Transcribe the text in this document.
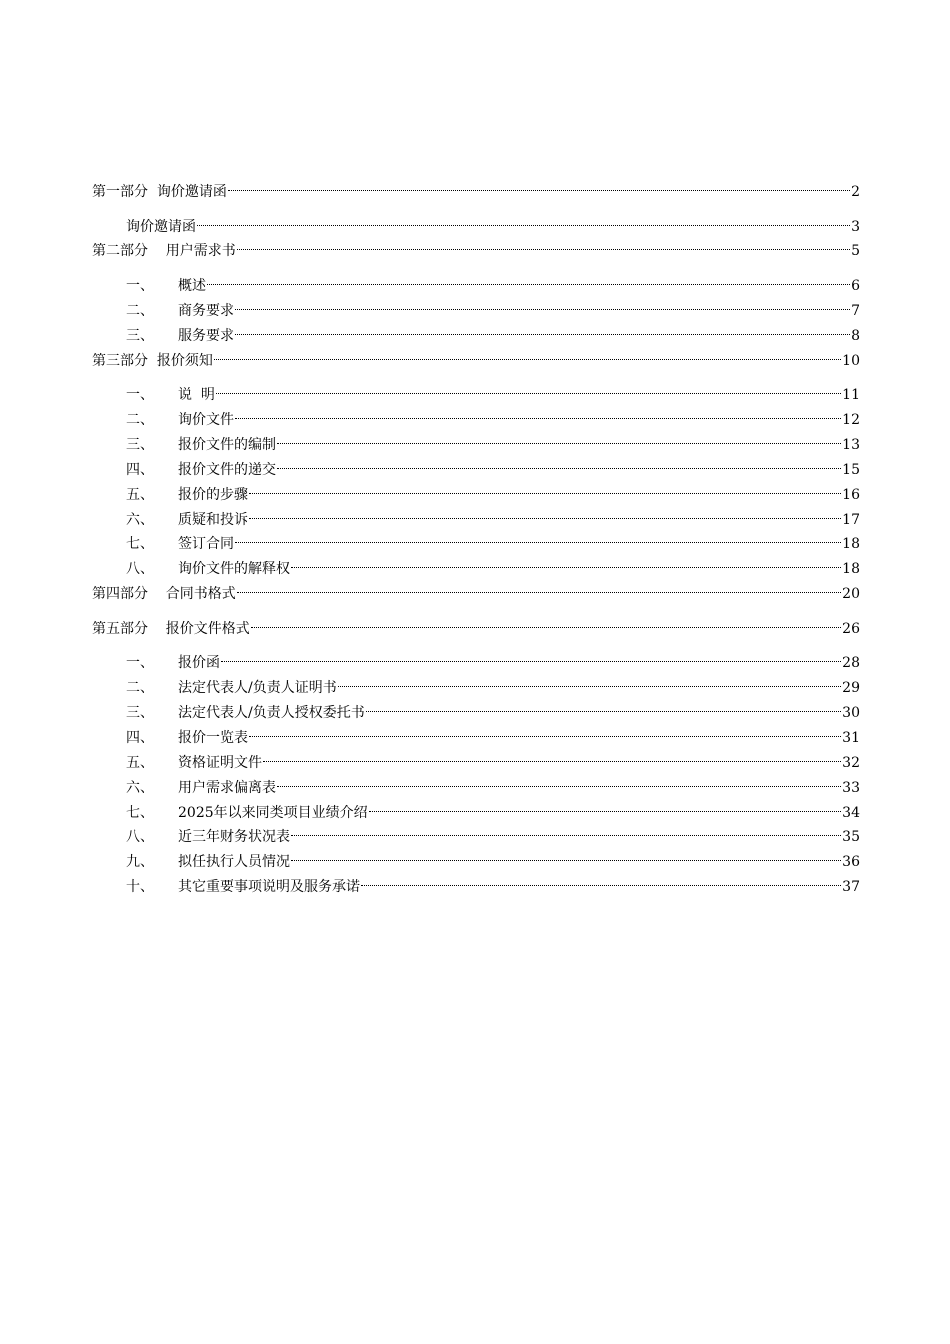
第一部分  询价邀请函	2
询价邀请函	3
第二部分    用户需求书	5
一、	概述	6
二、	商务要求	7
三、	服务要求	8
第三部分  报价须知	10
一、	说  明	11
二、	询价文件	12
三、	报价文件的编制	13
四、	报价文件的递交	15
五、	报价的步骤	16
六、	质疑和投诉	17
七、	签订合同	18
八、	询价文件的解释权	18
第四部分    合同书格式	20
第五部分    报价文件格式	26
一、	报价函	28
二、	法定代表人/负责人证明书	29
三、	法定代表人/负责人授权委托书	30
四、	报价一览表	31
五、	资格证明文件	32
六、	用户需求偏离表	33
七、	2025年以来同类项目业绩介绍	34
八、	近三年财务状况表	35
九、	拟任执行人员情况	36
十、	其它重要事项说明及服务承诺	37
